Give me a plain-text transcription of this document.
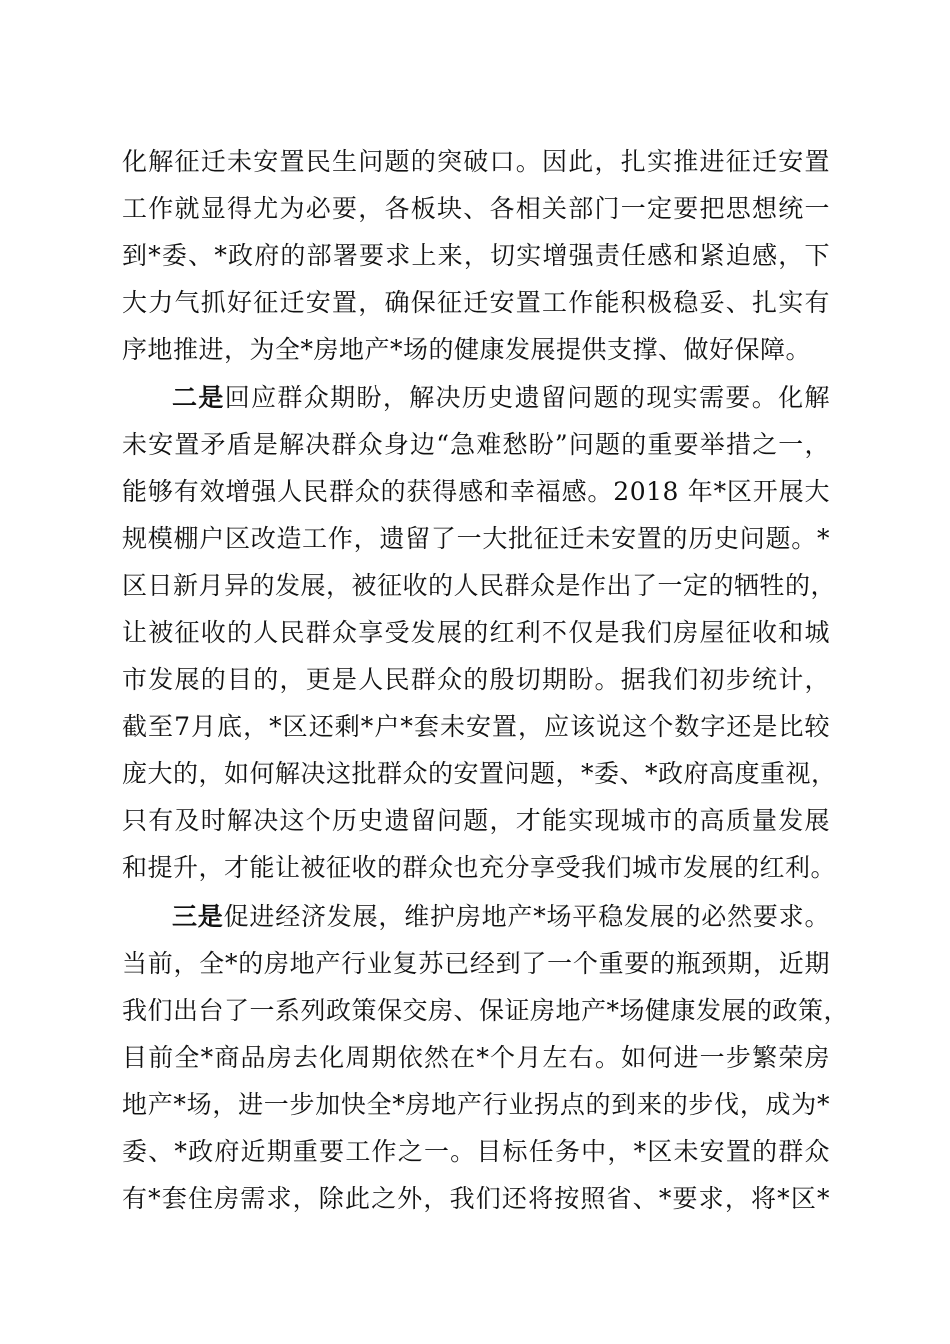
化解征迁未安置民生问题的突破口。因此，扎实推进征迁安置
工作就显得尤为必要，各板块、各相关部门一定要把思想统一
到*委、*政府的部署要求上来，切实增强责任感和紧迫感，下
大力气抓好征迁安置，确保征迁安置工作能积极稳妥、扎实有
序地推进，为全*房地产*场的健康发展提供支撑、做好保障。
二是回应群众期盼，解决历史遗留问题的现实需要。化解
未安置矛盾是解决群众身边“急难愁盼”问题的重要举措之一，
能够有效增强人民群众的获得感和幸福感。2018 年*区开展大
规模棚户区改造工作，遗留了一大批征迁未安置的历史问题。*
区日新月异的发展，被征收的人民群众是作出了一定的牺牲的，
让被征收的人民群众享受发展的红利不仅是我们房屋征收和城
市发展的目的，更是人民群众的殷切期盼。据我们初步统计，
截至7月底，*区还剩*户*套未安置，应该说这个数字还是比较
庞大的，如何解决这批群众的安置问题，*委、*政府高度重视，
只有及时解决这个历史遗留问题，才能实现城市的高质量发展
和提升，才能让被征收的群众也充分享受我们城市发展的红利。
三是促进经济发展，维护房地产*场平稳发展的必然要求。
当前，全*的房地产行业复苏已经到了一个重要的瓶颈期，近期
我们出台了一系列政策保交房、保证房地产*场健康发展的政策，
目前全*商品房去化周期依然在*个月左右。如何进一步繁荣房
地产*场，进一步加快全*房地产行业拐点的到来的步伐，成为*
委、*政府近期重要工作之一。目标任务中，*区未安置的群众
有*套住房需求，除此之外，我们还将按照省、*要求，将*区*
